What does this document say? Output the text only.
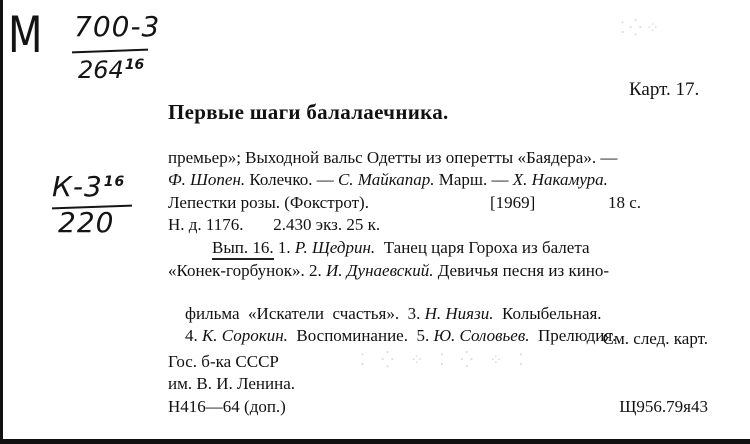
М 700-3
$264^{16}$
$К-3^{16}$
220
⁚ ⁛ ⁘
⁚ ⁛ ⁘ ⁚ ⁛ ⁘ ⁚
Карт. 17.
Первые шаги балалаечника.
премьер»; Выходной вальс Одетты из оперетты «Баядера». —
Ф. Шопен. Колечко. — С. Майкапар. Марш. — Х. Накамура.
Лепестки розы. (Фокстрот).	[1969]	18 с.
Н. д. 1176.       2.430 экз. 25 к.
Вып. 16. 1. Р. Щедрин.  Танец царя Гороха из балета
«Конек-горбунок». 2. И. Дунаевский. Девичья песня из кино-

фильма  «Искатели  счастья».  3. Н. Ниязи.  Колыбельная.

4. К. Сорокин.  Воспоминание.  5. Ю. Соловьев.  Прелюдия.

См. след. карт.
Гос. б-ка СССР
им. В. И. Ленина.
Н416—64 (доп.)	Щ956.79я43
